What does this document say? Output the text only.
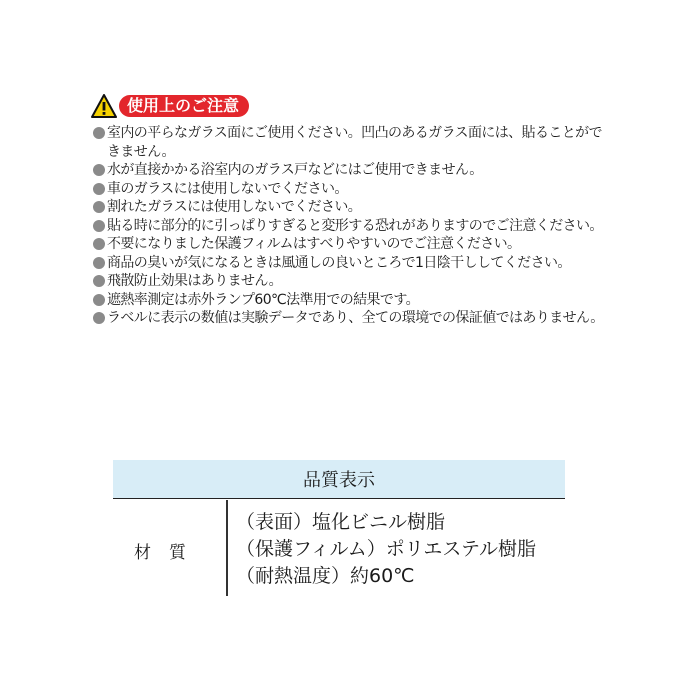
使用上のご注意
室内の平らなガラス面にご使用ください。凹凸のあるガラス面には、貼ることができません。
水が直接かかる浴室内のガラス戸などにはご使用できません。
車のガラスには使用しないでください。
割れたガラスには使用しないでください。
貼る時に部分的に引っぱりすぎると変形する恐れがありますのでご注意ください。
不要になりました保護フィルムはすべりやすいのでご注意ください。
商品の臭いが気になるときは風通しの良いところで1日陰干ししてください。
飛散防止効果はありません。
遮熱率測定は赤外ランプ60℃法準用での結果です。
ラベルに表示の数値は実験データであり、全ての環境での保証値ではありません。
品質表示
材質
（表面）塩化ビニル樹脂
（保護フィルム）ポリエステル樹脂
（耐熱温度）約60℃
